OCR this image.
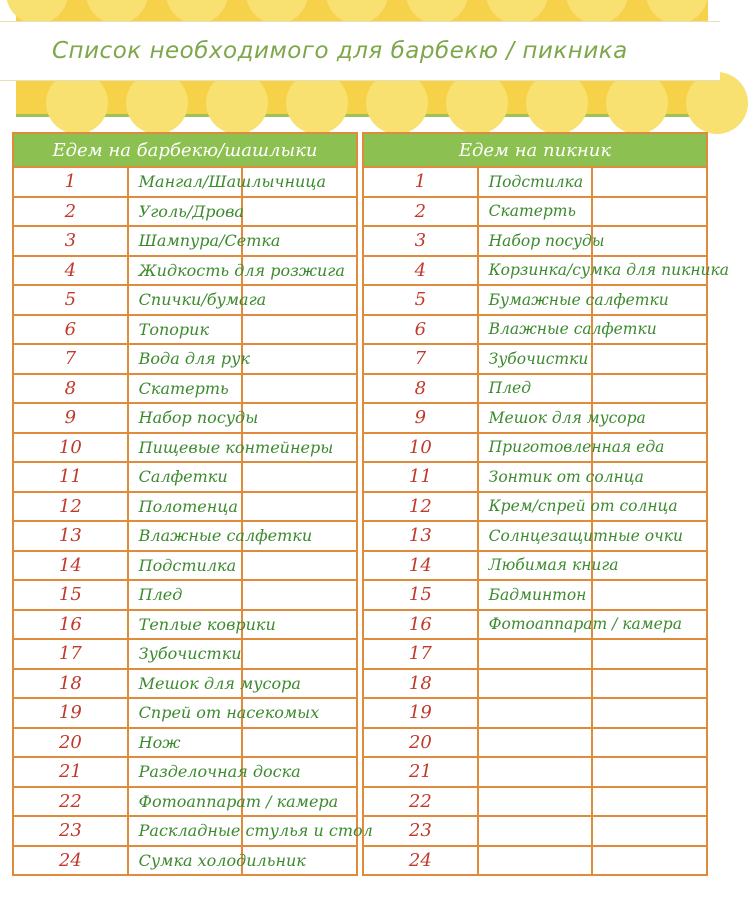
Список необходимого для барбекю / пикника
Едем на барбекю/шашлыки		
1	Мангал/Шашлычница	
2	Уголь/Дрова	
3	Шампура/Сетка	
4	Жидкость для розжига	
5	Спички/бумага	
6	Топорик	
7	Вода для рук	
8	Скатерть	
9	Набор посуды	
10	Пищевые контейнеры	
11	Салфетки	
12	Полотенца	
13	Влажные салфетки	
14	Подстилка	
15	Плед	
16	Теплые коврики	
17	Зубочистки	
18	Мешок для мусора	
19	Спрей от насекомых	
20	Нож	
21	Разделочная доска	
22	Фотоаппарат / камера	
23	Раскладные стулья и стол	
24	Сумка холодильник	
Едем на пикник		
1	Подстилка	
2	Скатерть	
3	Набор посуды	
4	Корзинка/сумка для пикника	
5	Бумажные салфетки	
6	Влажные салфетки	
7	Зубочистки	
8	Плед	
9	Мешок для мусора	
10	Приготовленная еда	
11	Зонтик от солнца	
12	Крем/спрей от солнца	
13	Солнцезащитные очки	
14	Любимая книга	
15	Бадминтон	
16	Фотоаппарат / камера	
17		
18		
19		
20		
21		
22		
23		
24		
